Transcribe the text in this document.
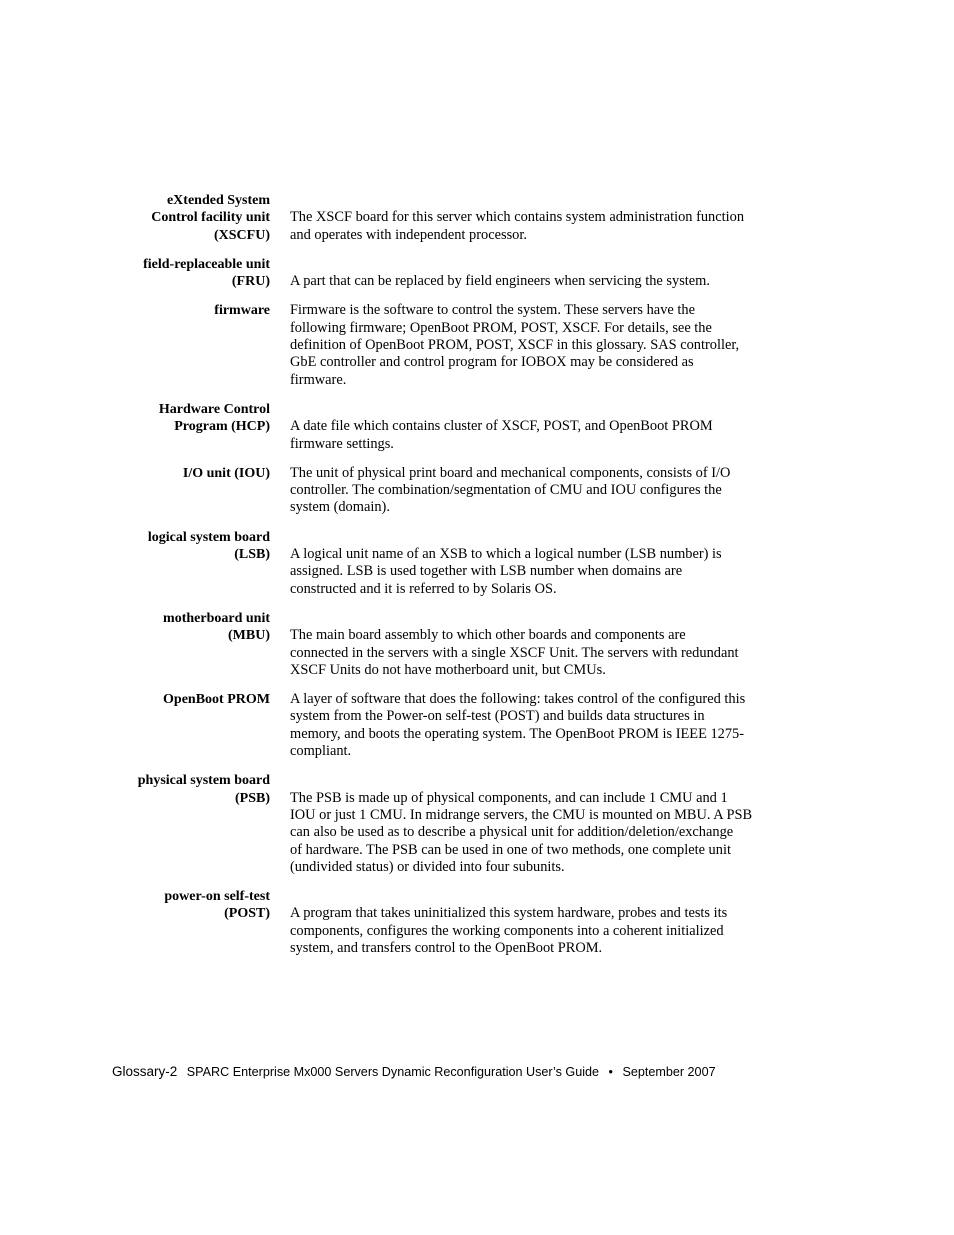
eXtended System
Control facility unit
(XSCFU)
The XSCF board for this server which contains system administration function
and operates with independent processor.
field-replaceable unit
(FRU) A part that can be replaced by field engineers when servicing the system.
firmware Firmware is the software to control the system. These servers have the
following firmware; OpenBoot PROM, POST, XSCF. For details, see the
definition of OpenBoot PROM, POST, XSCF in this glossary. SAS controller,
GbE controller and control program for IOBOX may be considered as
firmware.
Hardware Control
Program (HCP) A date file which contains cluster of XSCF, POST, and OpenBoot PROM
firmware settings.
I/O unit (IOU) The unit of physical print board and mechanical components, consists of I/O
controller. The combination/segmentation of CMU and IOU configures the
system (domain).
logical system board
(LSB) A logical unit name of an XSB to which a logical number (LSB number) is
assigned. LSB is used together with LSB number when domains are
constructed and it is referred to by Solaris OS.
motherboard unit
(MBU) The main board assembly to which other boards and components are
connected in the servers with a single XSCF Unit. The servers with redundant
XSCF Units do not have motherboard unit, but CMUs.
OpenBoot PROM A layer of software that does the following: takes control of the configured this
system from the Power-on self-test (POST) and builds data structures in
memory, and boots the operating system. The OpenBoot PROM is IEEE 1275-
compliant.
physical system board
(PSB) The PSB is made up of physical components, and can include 1 CMU and 1
IOU or just 1 CMU. In midrange servers, the CMU is mounted on MBU. A PSB
can also be used as to describe a physical unit for addition/deletion/exchange
of hardware. The PSB can be used in one of two methods, one complete unit
(undivided status) or divided into four subunits.
power-on self-test
(POST) A program that takes uninitialized this system hardware, probes and tests its
components, configures the working components into a coherent initialized
system, and transfers control to the OpenBoot PROM.
Glossary-2 SPARC Enterprise Mx000 Servers Dynamic Reconfiguration User’s Guide • September 2007
